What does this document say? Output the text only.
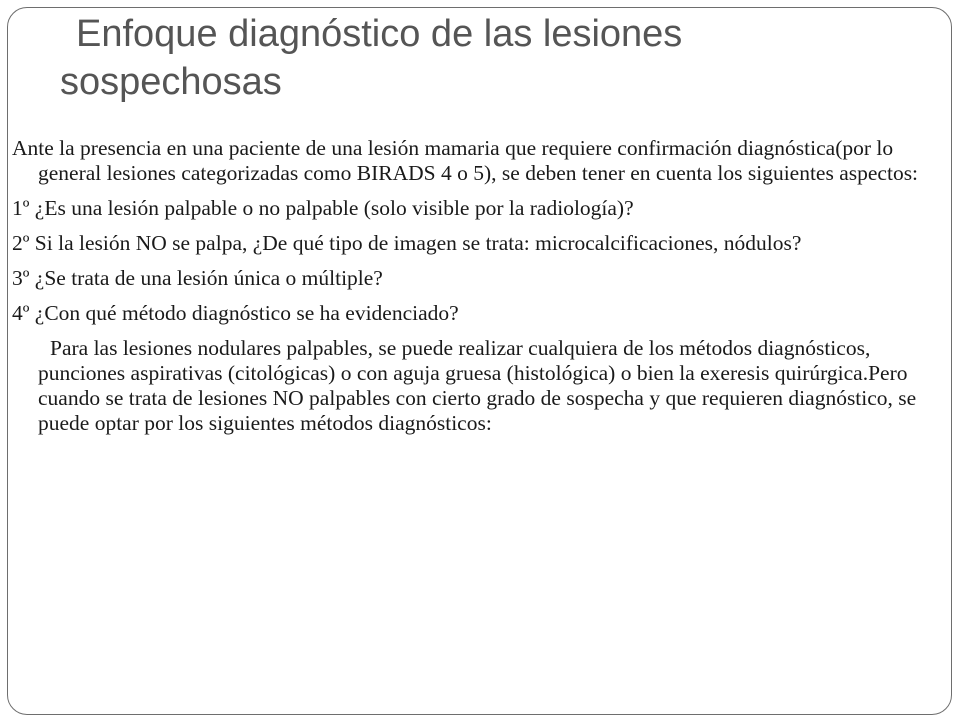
Enfoque diagnóstico de las lesiones
sospechosas

Ante la presencia en una paciente de una lesión mamaria que requiere confirmación diagnóstica(por lo general lesiones categorizadas como BIRADS 4 o 5), se deben tener en cuenta los siguientes aspectos:

1º ¿Es una lesión palpable o no palpable (solo visible por la radiología)?

2º Si la lesión NO se palpa, ¿De qué tipo de imagen se trata: microcalcificaciones, nódulos?

3º ¿Se trata de una lesión única o múltiple?

4º ¿Con qué método diagnóstico se ha evidenciado?

Para las lesiones nodulares palpables, se puede realizar cualquiera de los métodos diagnósticos, punciones aspirativas (citológicas) o con aguja gruesa (histológica) o bien la exeresis quirúrgica.Pero cuando se trata de lesiones NO palpables con cierto grado de sospecha y que requieren diagnóstico, se puede optar por los siguientes métodos diagnósticos:
